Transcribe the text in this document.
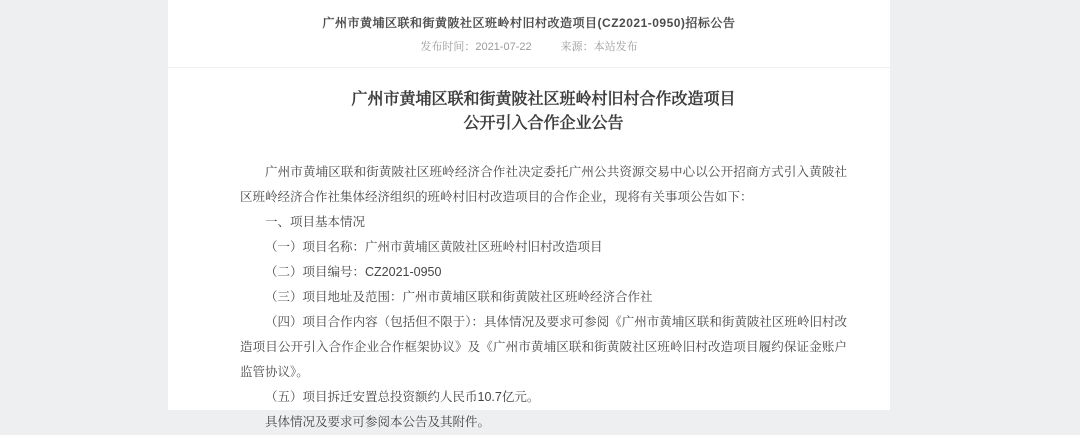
广州市黄埔区联和街黄陂社区班岭村旧村改造项目(CZ2021-0950)招标公告
发布时间：2021-07-22	来源：本站发布
广州市黄埔区联和街黄陂社区班岭村旧村合作改造项目
公开引入合作企业公告

广州市黄埔区联和街黄陂社区班岭经济合作社决定委托广州公共资源交易中心以公开招商方式引入黄陂社区班岭经济合作社集体经济组织的班岭村旧村改造项目的合作企业，现将有关事项公告如下：

一、项目基本情况

（一）项目名称：广州市黄埔区黄陂社区班岭村旧村改造项目

（二）项目编号：CZ2021-0950

（三）项目地址及范围：广州市黄埔区联和街黄陂社区班岭经济合作社

（四）项目合作内容（包括但不限于）：具体情况及要求可参阅《广州市黄埔区联和街黄陂社区班岭旧村改造项目公开引入合作企业合作框架协议》及《广州市黄埔区联和街黄陂社区班岭旧村改造项目履约保证金账户监管协议》。

（五）项目拆迁安置总投资额约人民币10.7亿元。

具体情况及要求可参阅本公告及其附件。
